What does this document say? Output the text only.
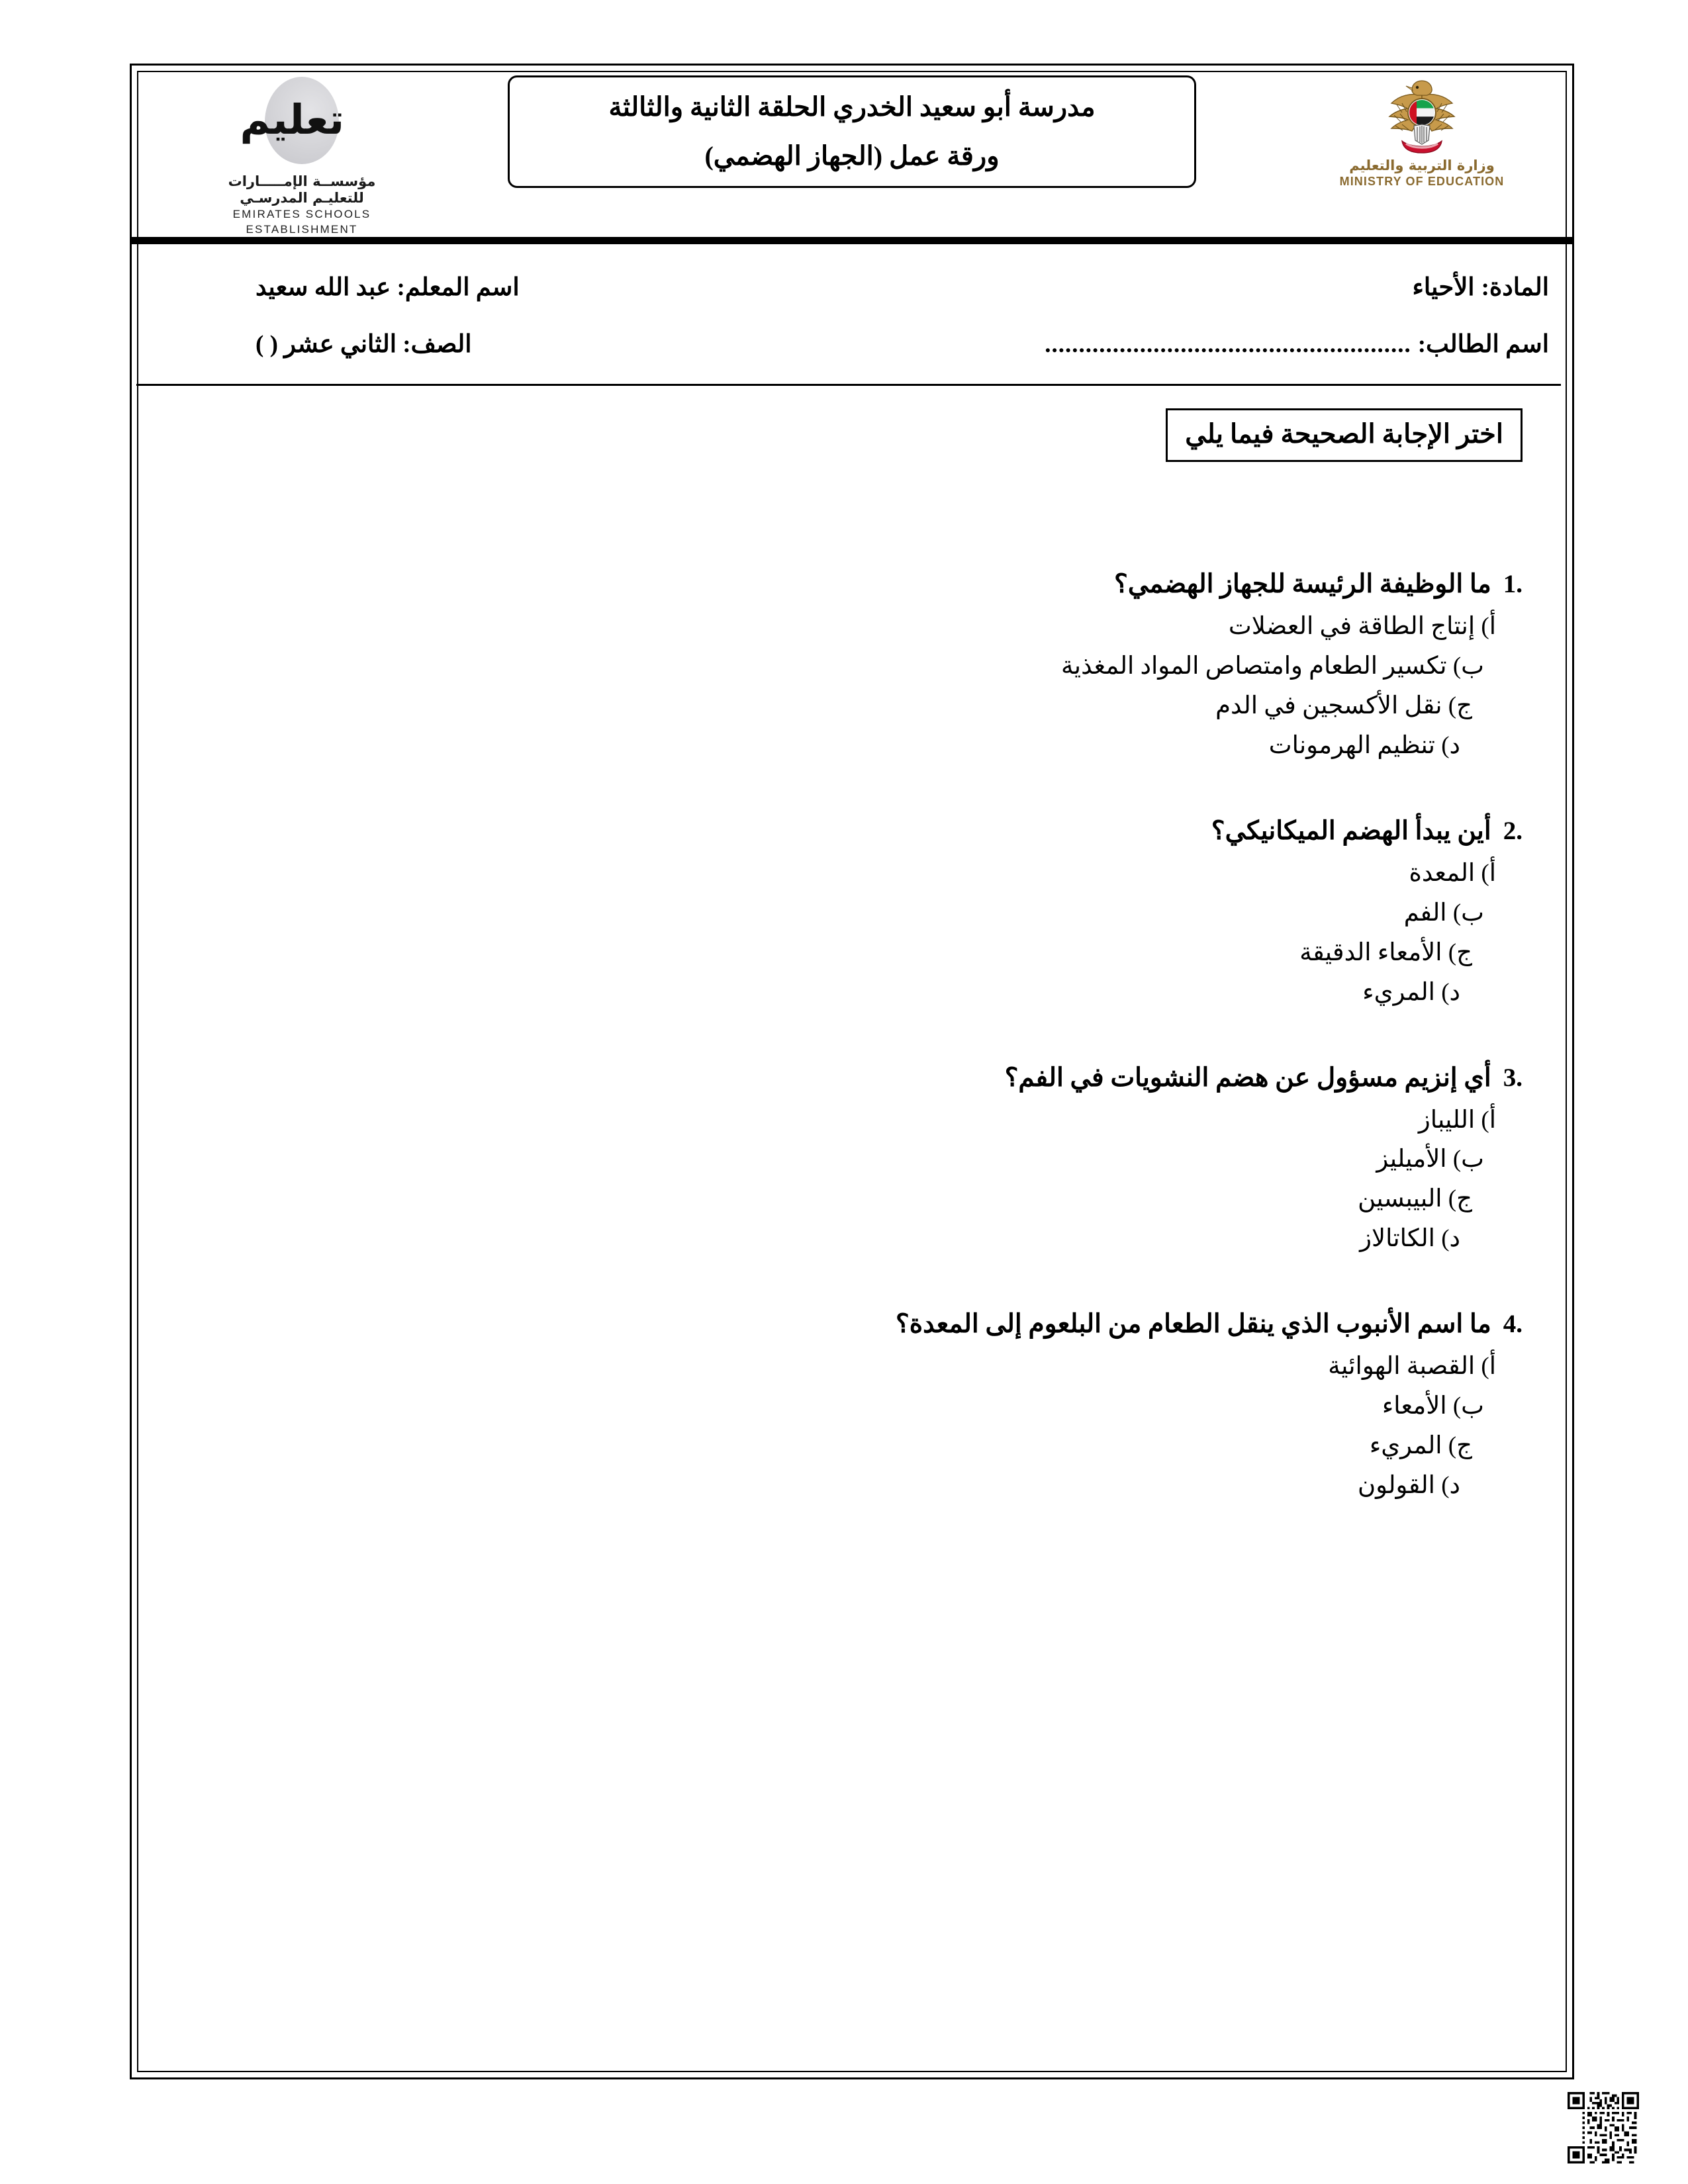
تعليم
مؤسســة الإمـــــارات
للتعليـم المدرسـي
EMIRATES SCHOOLS
ESTABLISHMENT
مدرسة أبو سعيد الخدري الحلقة الثانية والثالثة
ورقة عمل (الجهاز الهضمي)	وزارة التربية والتعليم
MINISTRY OF EDUCATION
المادة:
الأحياء
اسم المعلم: عبد الله سعيد
اسم الطالب:
......................................................
الصف: الثاني عشر ( )
اختر الإجابة الصحيحة فيما يلي
1.
ما الوظيفة الرئيسة للجهاز الهضمي؟
أ) إنتاج الطاقة في العضلات
ب) تكسير الطعام وامتصاص المواد المغذية
ج) نقل الأكسجين في الدم
د) تنظيم الهرمونات
2.
أين يبدأ الهضم الميكانيكي؟
أ) المعدة
ب) الفم
ج) الأمعاء الدقيقة
د) المريء
3.
أي إنزيم مسؤول عن هضم النشويات في الفم؟
أ) الليباز
ب) الأميليز
ج) البيبسين
د) الكاتالاز
4.
ما اسم الأنبوب الذي ينقل الطعام من البلعوم إلى المعدة؟
أ) القصبة الهوائية
ب) الأمعاء
ج) المريء
د) القولون
